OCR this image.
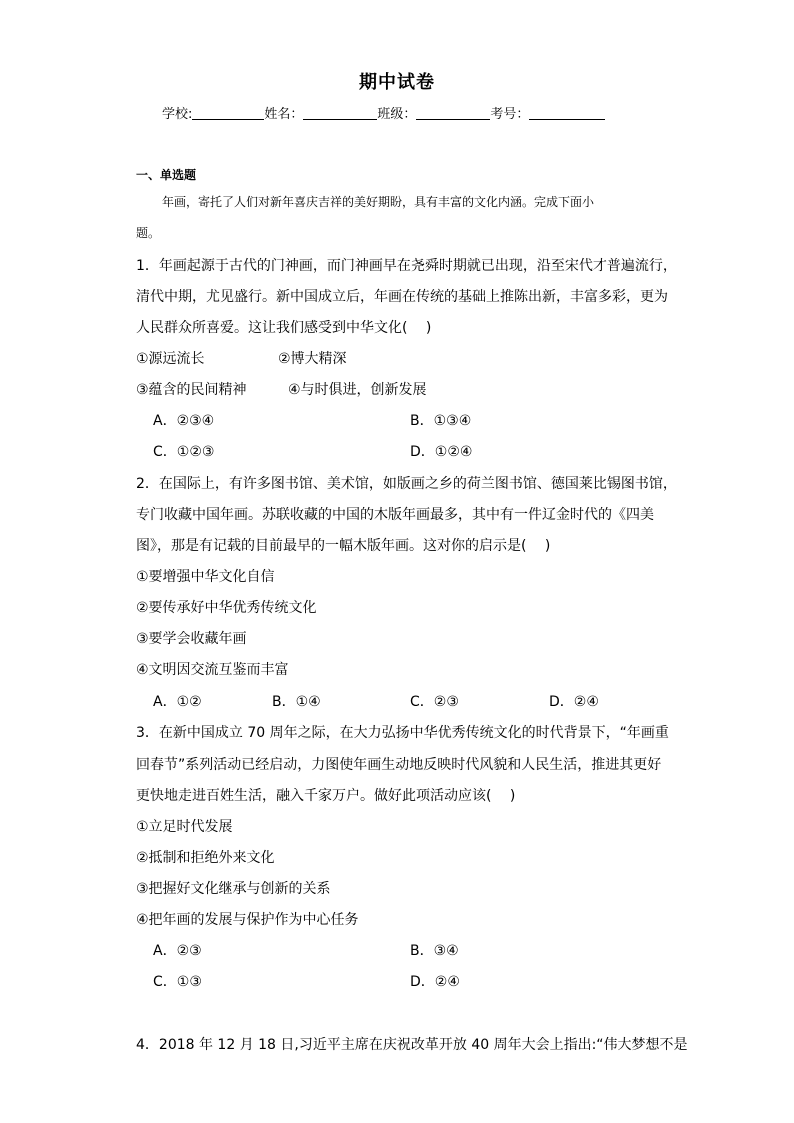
期中试卷
学校:	姓名：	班级：	考号：
一、单选题
年画，寄托了人们对新年喜庆吉祥的美好期盼，具有丰富的文化内涵。完成下面小
题。
1．年画起源于古代的门神画，而门神画早在尧舜时期就已出现，沿至宋代才普遍流行，
清代中期，尤见盛行。新中国成立后，年画在传统的基础上推陈出新，丰富多彩，更为
人民群众所喜爱。这让我们感受到中华文化(　 )
①源远流长	②博大精深
③蕴含的民间精神	④与时俱进，创新发展
A．②③④	B．①③④
C．①②③	D．①②④
2．在国际上，有许多图书馆、美术馆，如版画之乡的荷兰图书馆、德国莱比锡图书馆，
专门收藏中国年画。苏联收藏的中国的木版年画最多，其中有一件辽金时代的《四美
图》，那是有记载的目前最早的一幅木版年画。这对你的启示是(　 )
①要增强中华文化自信
②要传承好中华优秀传统文化
③要学会收藏年画
④文明因交流互鉴而丰富
A．①②	B．①④	C．②③	D．②④
3．在新中国成立 70 周年之际，在大力弘扬中华优秀传统文化的时代背景下，“年画重
回春节”系列活动已经启动，力图使年画生动地反映时代风貌和人民生活，推进其更好
更快地走进百姓生活，融入千家万户。做好此项活动应该(　 )
①立足时代发展
②抵制和拒绝外来文化
③把握好文化继承与创新的关系
④把年画的发展与保护作为中心任务
A．②③	B．③④
C．①③	D．②④
4．2018 年 12 月 18 日,习近平主席在庆祝改革开放 40 周年大会上指出:“伟大梦想不是
